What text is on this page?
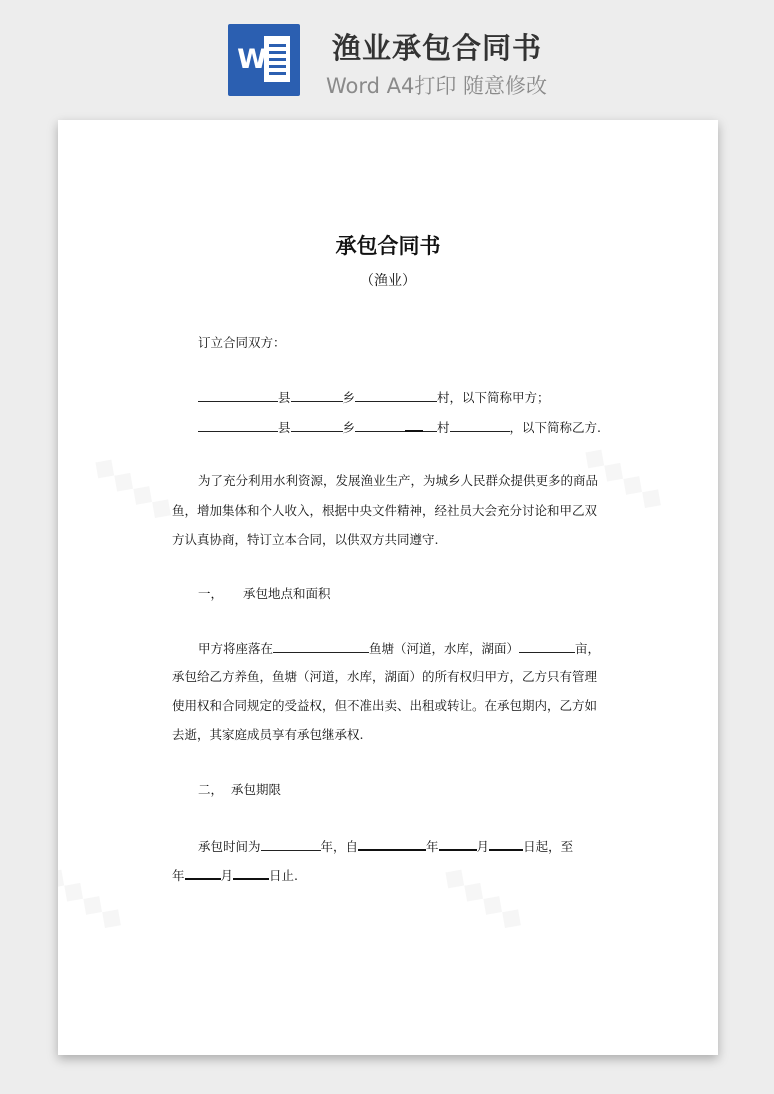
W 渔业承包合同书
Word A4打印 随意修改
承包合同书
（渔业）
订立合同双方：
县	乡	村，以下简称甲方；
县	乡	村	，以下简称乙方.
为了充分利用水利资源，发展渔业生产，为城乡人民群众提供更多的商品
鱼，增加集体和个人收入，根据中央文件精神，经社员大会充分讨论和甲乙双
方认真协商，特订立本合同，以供双方共同遵守.
一， 承包地点和面积
甲方将座落在	鱼塘（河道，水库，湖面）	亩，
承包给乙方养鱼，鱼塘（河道，水库，湖面）的所有权归甲方，乙方只有管理
使用权和合同规定的受益权，但不准出卖、出租或转让。在承包期内，乙方如
去逝，其家庭成员享有承包继承权.
二， 承包期限
承包时间为	年，自	年	月	日起，至
年	月	日止.
